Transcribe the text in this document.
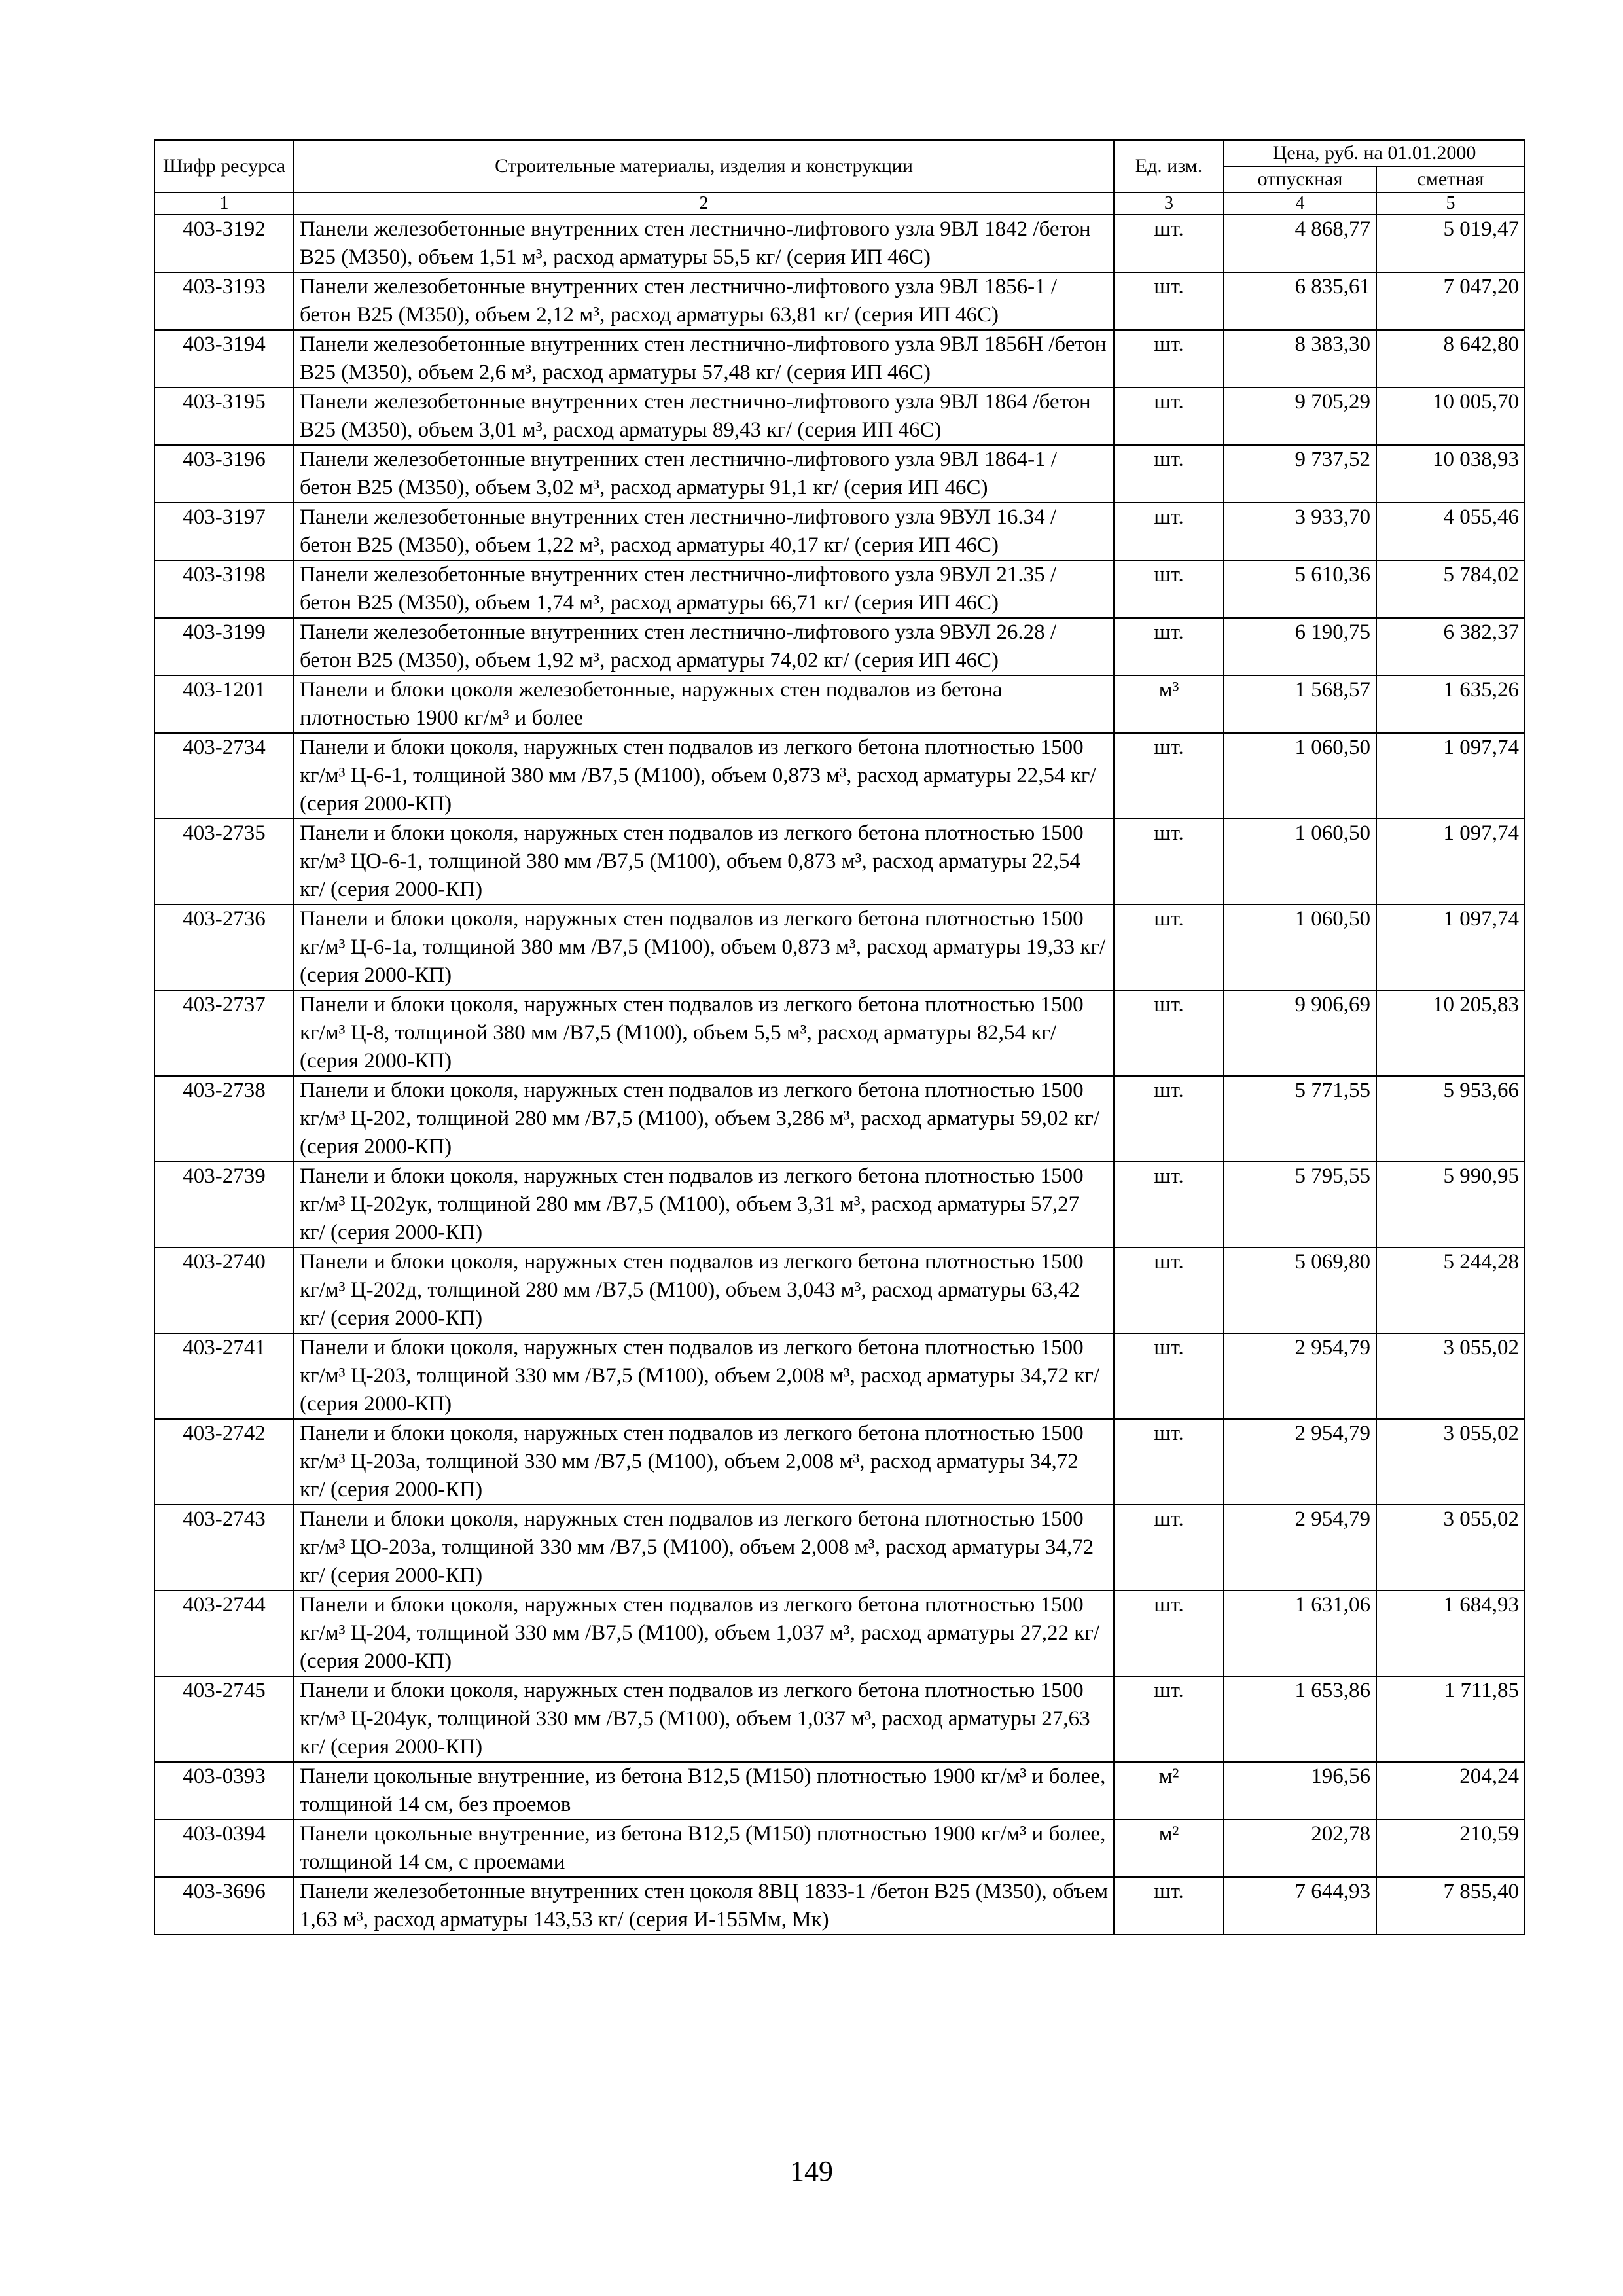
Шифр ресурса	Строительные материалы, изделия и конструкции	Ед. изм.	Цена, руб. на 01.01.2000	
			отпускная	сметная
1	2	3	4	5
403-3192	Панели железобетонные внутренних стен лестнично-лифтового узла 9ВЛ 1842 /бетон В25 (М350), объем 1,51 м³, расход арматуры 55,5 кг/ (серия ИП 46С)	шт.	4 868,77	5 019,47
403-3193	Панели железобетонные внутренних стен лестнично-лифтового узла 9ВЛ 1856-1 /бетон В25 (М350), объем 2,12 м³, расход арматуры 63,81 кг/ (серия ИП 46С)	шт.	6 835,61	7 047,20
403-3194	Панели железобетонные внутренних стен лестнично-лифтового узла 9ВЛ 1856Н /бетон В25 (М350), объем 2,6 м³, расход арматуры 57,48 кг/ (серия ИП 46С)	шт.	8 383,30	8 642,80
403-3195	Панели железобетонные внутренних стен лестнично-лифтового узла 9ВЛ 1864 /бетон В25 (М350), объем 3,01 м³, расход арматуры 89,43 кг/ (серия ИП 46С)	шт.	9 705,29	10 005,70
403-3196	Панели железобетонные внутренних стен лестнично-лифтового узла 9ВЛ 1864-1 /бетон В25 (М350), объем 3,02 м³, расход арматуры 91,1 кг/ (серия ИП 46С)	шт.	9 737,52	10 038,93
403-3197	Панели железобетонные внутренних стен лестнично-лифтового узла 9ВУЛ 16.34 /бетон В25 (М350), объем 1,22 м³, расход арматуры 40,17 кг/ (серия ИП 46С)	шт.	3 933,70	4 055,46
403-3198	Панели железобетонные внутренних стен лестнично-лифтового узла 9ВУЛ 21.35 /бетон В25 (М350), объем 1,74 м³, расход арматуры 66,71 кг/ (серия ИП 46С)	шт.	5 610,36	5 784,02
403-3199	Панели железобетонные внутренних стен лестнично-лифтового узла 9ВУЛ 26.28 /бетон В25 (М350), объем 1,92 м³, расход арматуры 74,02 кг/ (серия ИП 46С)	шт.	6 190,75	6 382,37
403-1201	Панели и блоки цоколя железобетонные, наружных стен подвалов из бетона плотностью 1900 кг/м³ и более	м³	1 568,57	1 635,26
403-2734	Панели и блоки цоколя, наружных стен подвалов из легкого бетона плотностью 1500 кг/м³ Ц-6-1, толщиной 380 мм /В7,5 (М100), объем 0,873 м³, расход арматуры 22,54 кг/ (серия 2000-КП)	шт.	1 060,50	1 097,74
403-2735	Панели и блоки цоколя, наружных стен подвалов из легкого бетона плотностью 1500 кг/м³ ЦО-6-1, толщиной 380 мм /В7,5 (М100), объем 0,873 м³, расход арматуры 22,54 кг/ (серия 2000-КП)	шт.	1 060,50	1 097,74
403-2736	Панели и блоки цоколя, наружных стен подвалов из легкого бетона плотностью 1500 кг/м³ Ц-6-1а, толщиной 380 мм /В7,5 (М100), объем 0,873 м³, расход арматуры 19,33 кг/ (серия 2000-КП)	шт.	1 060,50	1 097,74
403-2737	Панели и блоки цоколя, наружных стен подвалов из легкого бетона плотностью 1500 кг/м³ Ц-8, толщиной 380 мм /В7,5 (М100), объем 5,5 м³, расход арматуры 82,54 кг/ (серия 2000-КП)	шт.	9 906,69	10 205,83
403-2738	Панели и блоки цоколя, наружных стен подвалов из легкого бетона плотностью 1500 кг/м³ Ц-202, толщиной 280 мм /В7,5 (М100), объем 3,286 м³, расход арматуры 59,02 кг/ (серия 2000-КП)	шт.	5 771,55	5 953,66
403-2739	Панели и блоки цоколя, наружных стен подвалов из легкого бетона плотностью 1500 кг/м³ Ц-202ук, толщиной 280 мм /В7,5 (М100), объем 3,31 м³, расход арматуры 57,27 кг/ (серия 2000-КП)	шт.	5 795,55	5 990,95
403-2740	Панели и блоки цоколя, наружных стен подвалов из легкого бетона плотностью 1500 кг/м³ Ц-202д, толщиной 280 мм /В7,5 (М100), объем 3,043 м³, расход арматуры 63,42 кг/ (серия 2000-КП)	шт.	5 069,80	5 244,28
403-2741	Панели и блоки цоколя, наружных стен подвалов из легкого бетона плотностью 1500 кг/м³ Ц-203, толщиной 330 мм /В7,5 (М100), объем 2,008 м³, расход арматуры 34,72 кг/ (серия 2000-КП)	шт.	2 954,79	3 055,02
403-2742	Панели и блоки цоколя, наружных стен подвалов из легкого бетона плотностью 1500 кг/м³ Ц-203а, толщиной 330 мм /В7,5 (М100), объем 2,008 м³, расход арматуры 34,72 кг/ (серия 2000-КП)	шт.	2 954,79	3 055,02
403-2743	Панели и блоки цоколя, наружных стен подвалов из легкого бетона плотностью 1500 кг/м³ ЦО-203а, толщиной 330 мм /В7,5 (М100), объем 2,008 м³, расход арматуры 34,72 кг/ (серия 2000-КП)	шт.	2 954,79	3 055,02
403-2744	Панели и блоки цоколя, наружных стен подвалов из легкого бетона плотностью 1500 кг/м³ Ц-204, толщиной 330 мм /В7,5 (М100), объем 1,037 м³, расход арматуры 27,22 кг/ (серия 2000-КП)	шт.	1 631,06	1 684,93
403-2745	Панели и блоки цоколя, наружных стен подвалов из легкого бетона плотностью 1500 кг/м³ Ц-204ук, толщиной 330 мм /В7,5 (М100), объем 1,037 м³, расход арматуры 27,63 кг/ (серия 2000-КП)	шт.	1 653,86	1 711,85
403-0393	Панели цокольные внутренние, из бетона В12,5 (М150) плотностью 1900 кг/м³ и более, толщиной 14 см, без проемов	м²	196,56	204,24
403-0394	Панели цокольные внутренние, из бетона В12,5 (М150) плотностью 1900 кг/м³ и более, толщиной 14 см, с проемами	м²	202,78	210,59
403-3696	Панели железобетонные внутренних стен цоколя 8ВЦ 1833-1 /бетон В25 (М350), объем 1,63 м³, расход арматуры 143,53 кг/ (серия И-155Мм, Мк)	шт.	7 644,93	7 855,40
149
